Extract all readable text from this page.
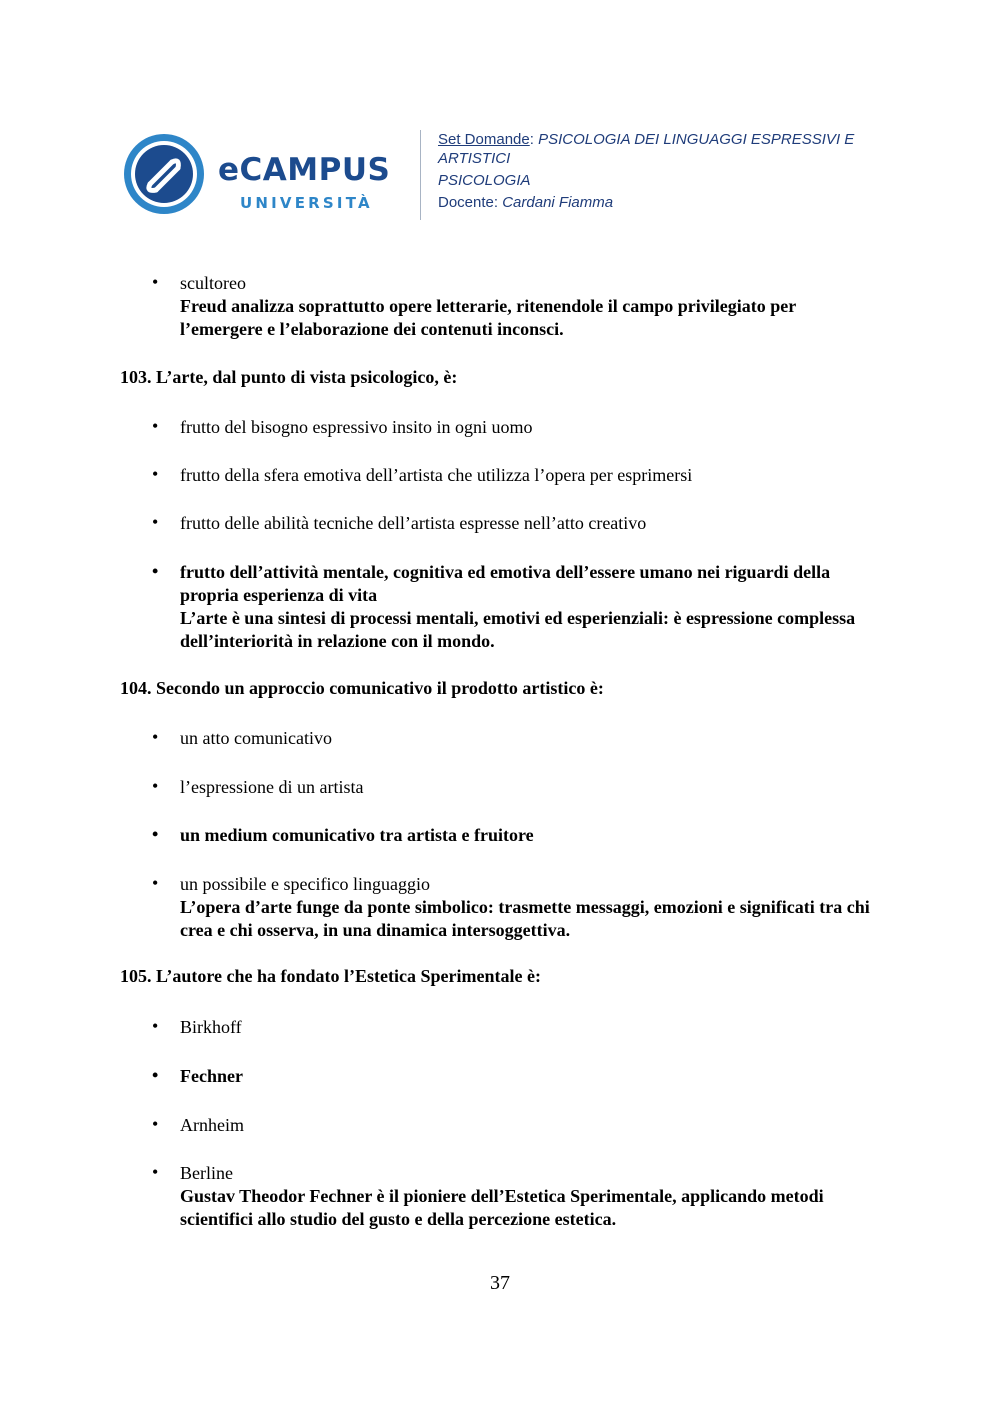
eCAMPUS
UNIVERSITÀ
Set Domande: PSICOLOGIA DEI LINGUAGGI ESPRESSIVI E
ARTISTICI
PSICOLOGIA
Docente: Cardani Fiamma
• scultoreo
Freud analizza soprattutto opere letterarie, ritenendole il campo privilegiato per l’emergere e l’elaborazione dei contenuti inconsci.
103. L’arte, dal punto di vista psicologico, è:
• frutto del bisogno espressivo insito in ogni uomo
• frutto della sfera emotiva dell’artista che utilizza l’opera per esprimersi
• frutto delle abilità tecniche dell’artista espresse nell’atto creativo
• frutto dell’attività mentale, cognitiva ed emotiva dell’essere umano nei riguardi della propria esperienza di vita
L’arte è una sintesi di processi mentali, emotivi ed esperienziali: è espressione complessa dell’interiorità in relazione con il mondo.
104. Secondo un approccio comunicativo il prodotto artistico è:
• un atto comunicativo
• l’espressione di un artista
• un medium comunicativo tra artista e fruitore
• un possibile e specifico linguaggio
L’opera d’arte funge da ponte simbolico: trasmette messaggi, emozioni e significati tra chi crea e chi osserva, in una dinamica intersoggettiva.
105. L’autore che ha fondato l’Estetica Sperimentale è:
• Birkhoff
• Fechner
• Arnheim
• Berline
Gustav Theodor Fechner è il pioniere dell’Estetica Sperimentale, applicando metodi scientifici allo studio del gusto e della percezione estetica.
37
